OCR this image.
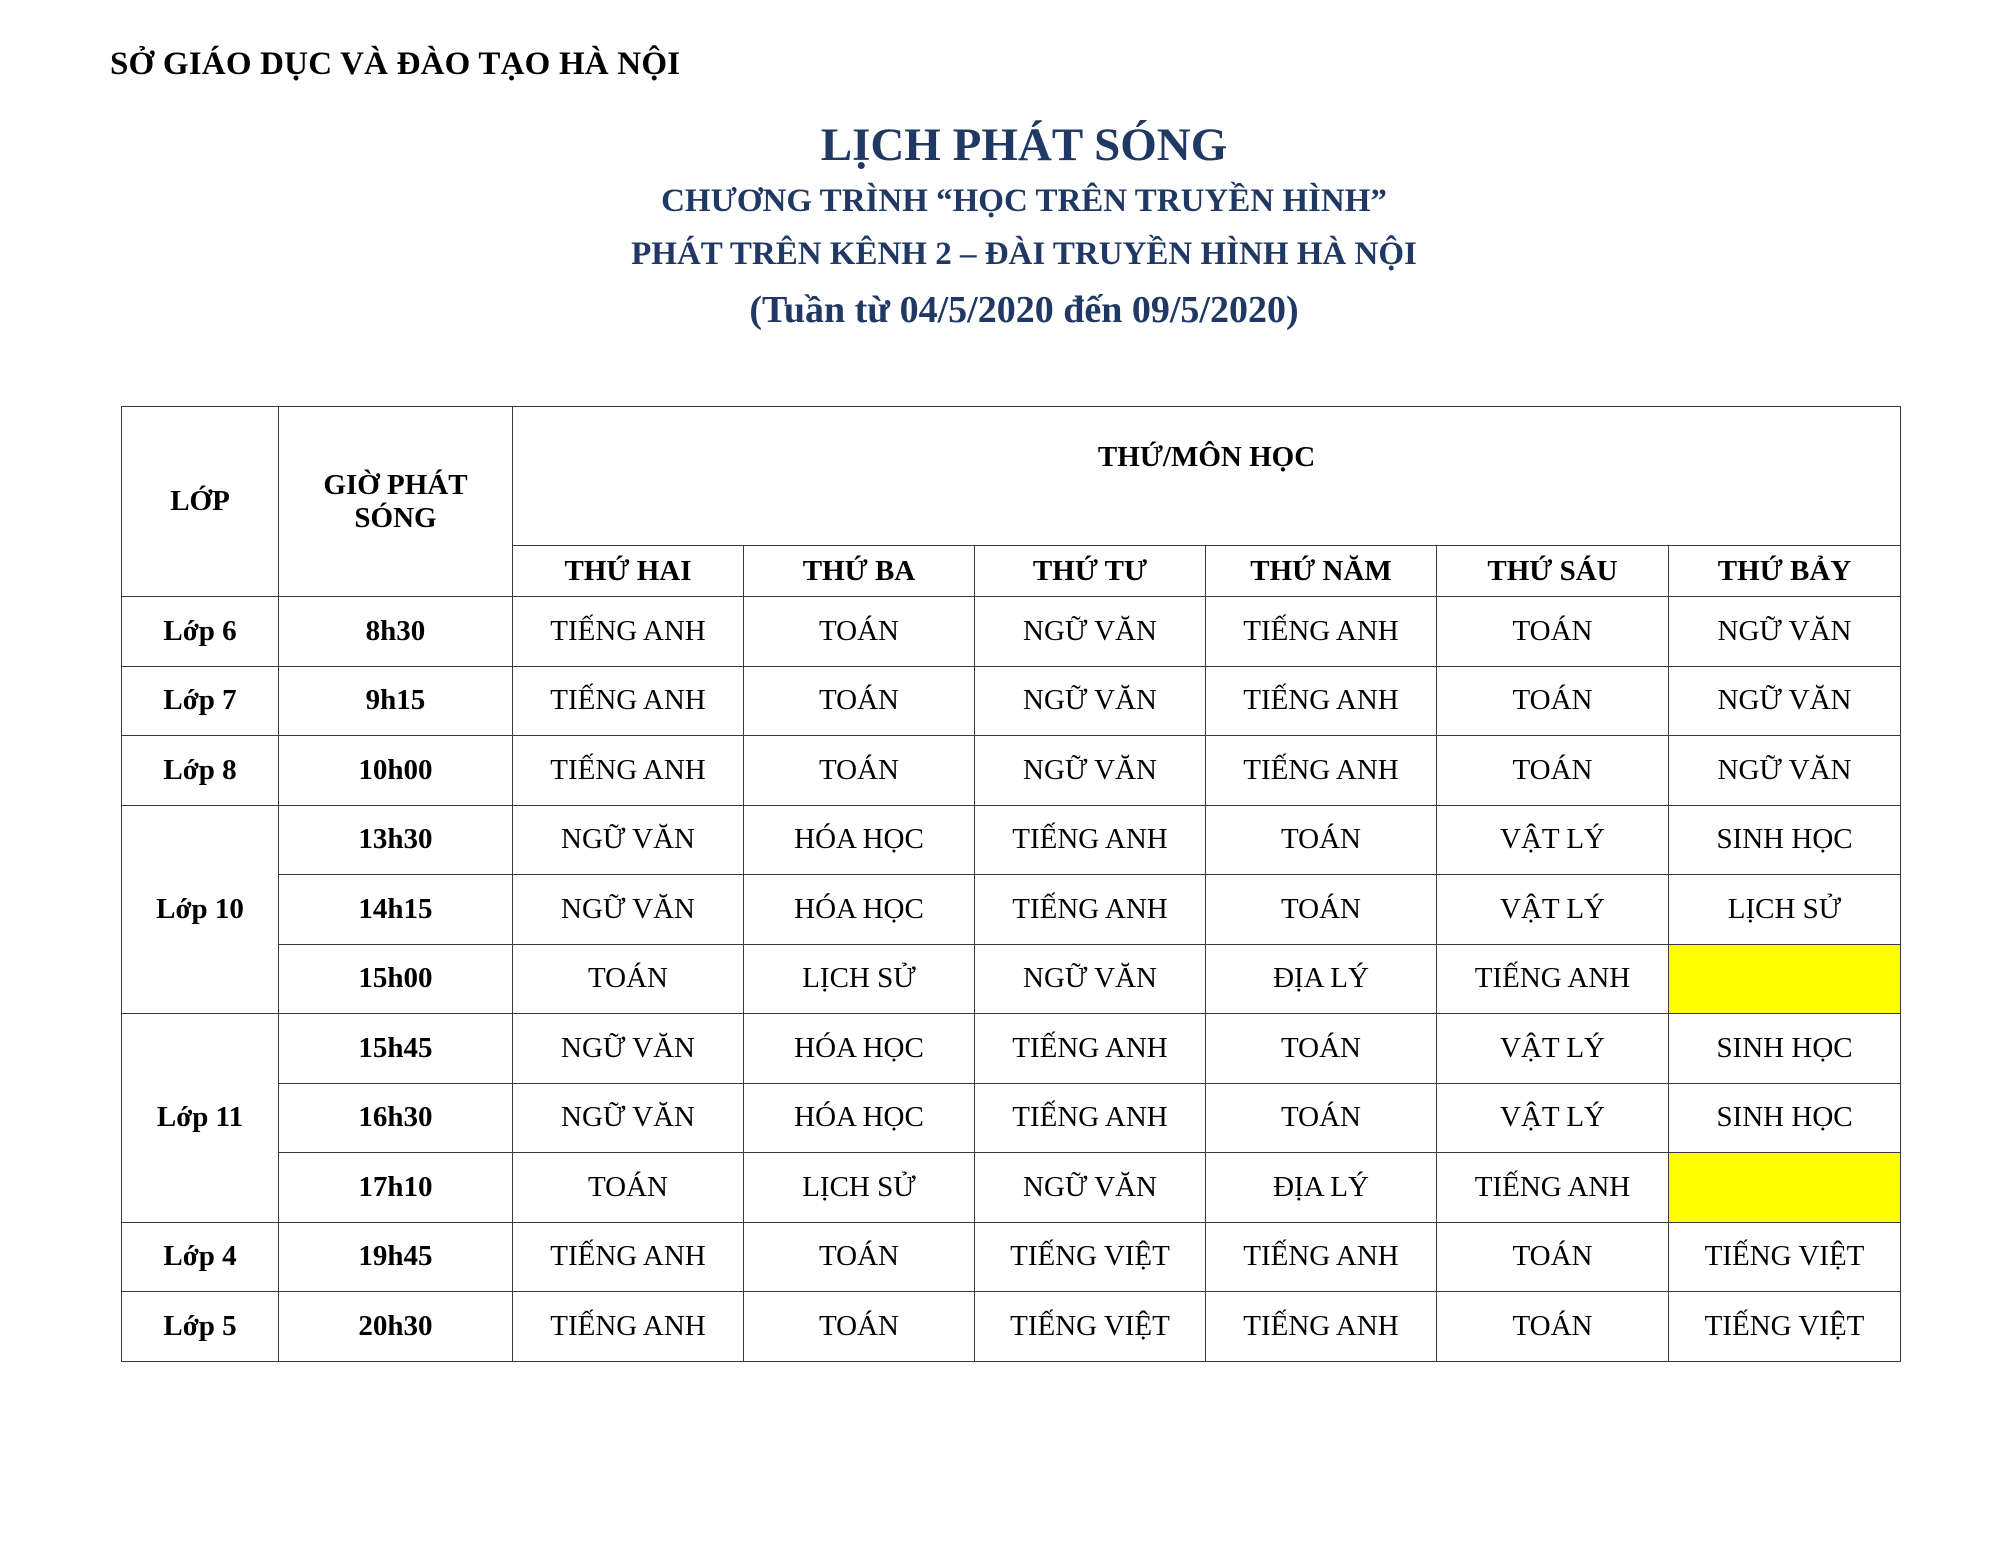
SỞ GIÁO DỤC VÀ ĐÀO TẠO HÀ NỘI
LỊCH PHÁT SÓNG
CHƯƠNG TRÌNH “HỌC TRÊN TRUYỀN HÌNH”
PHÁT TRÊN KÊNH 2 – ĐÀI TRUYỀN HÌNH HÀ NỘI
(Tuần từ 04/5/2020 đến 09/5/2020)
LỚP	GIỜ PHÁT SÓNG	THỨ/MÔN HỌC					
		THỨ HAI	THỨ BA	THỨ TƯ	THỨ NĂM	THỨ SÁU	THỨ BẢY
Lớp 6	8h30	TIẾNG ANH	TOÁN	NGỮ VĂN	TIẾNG ANH	TOÁN	NGỮ VĂN
Lớp 7	9h15	TIẾNG ANH	TOÁN	NGỮ VĂN	TIẾNG ANH	TOÁN	NGỮ VĂN
Lớp 8	10h00	TIẾNG ANH	TOÁN	NGỮ VĂN	TIẾNG ANH	TOÁN	NGỮ VĂN
Lớp 10	13h30	NGỮ VĂN	HÓA HỌC	TIẾNG ANH	TOÁN	VẬT LÝ	SINH HỌC
	14h15	NGỮ VĂN	HÓA HỌC	TIẾNG ANH	TOÁN	VẬT LÝ	LỊCH SỬ
	15h00	TOÁN	LỊCH SỬ	NGỮ VĂN	ĐỊA LÝ	TIẾNG ANH	
Lớp 11	15h45	NGỮ VĂN	HÓA HỌC	TIẾNG ANH	TOÁN	VẬT LÝ	SINH HỌC
	16h30	NGỮ VĂN	HÓA HỌC	TIẾNG ANH	TOÁN	VẬT LÝ	SINH HỌC
	17h10	TOÁN	LỊCH SỬ	NGỮ VĂN	ĐỊA LÝ	TIẾNG ANH	
Lớp 4	19h45	TIẾNG ANH	TOÁN	TIẾNG VIỆT	TIẾNG ANH	TOÁN	TIẾNG VIỆT
Lớp 5	20h30	TIẾNG ANH	TOÁN	TIẾNG VIỆT	TIẾNG ANH	TOÁN	TIẾNG VIỆT
